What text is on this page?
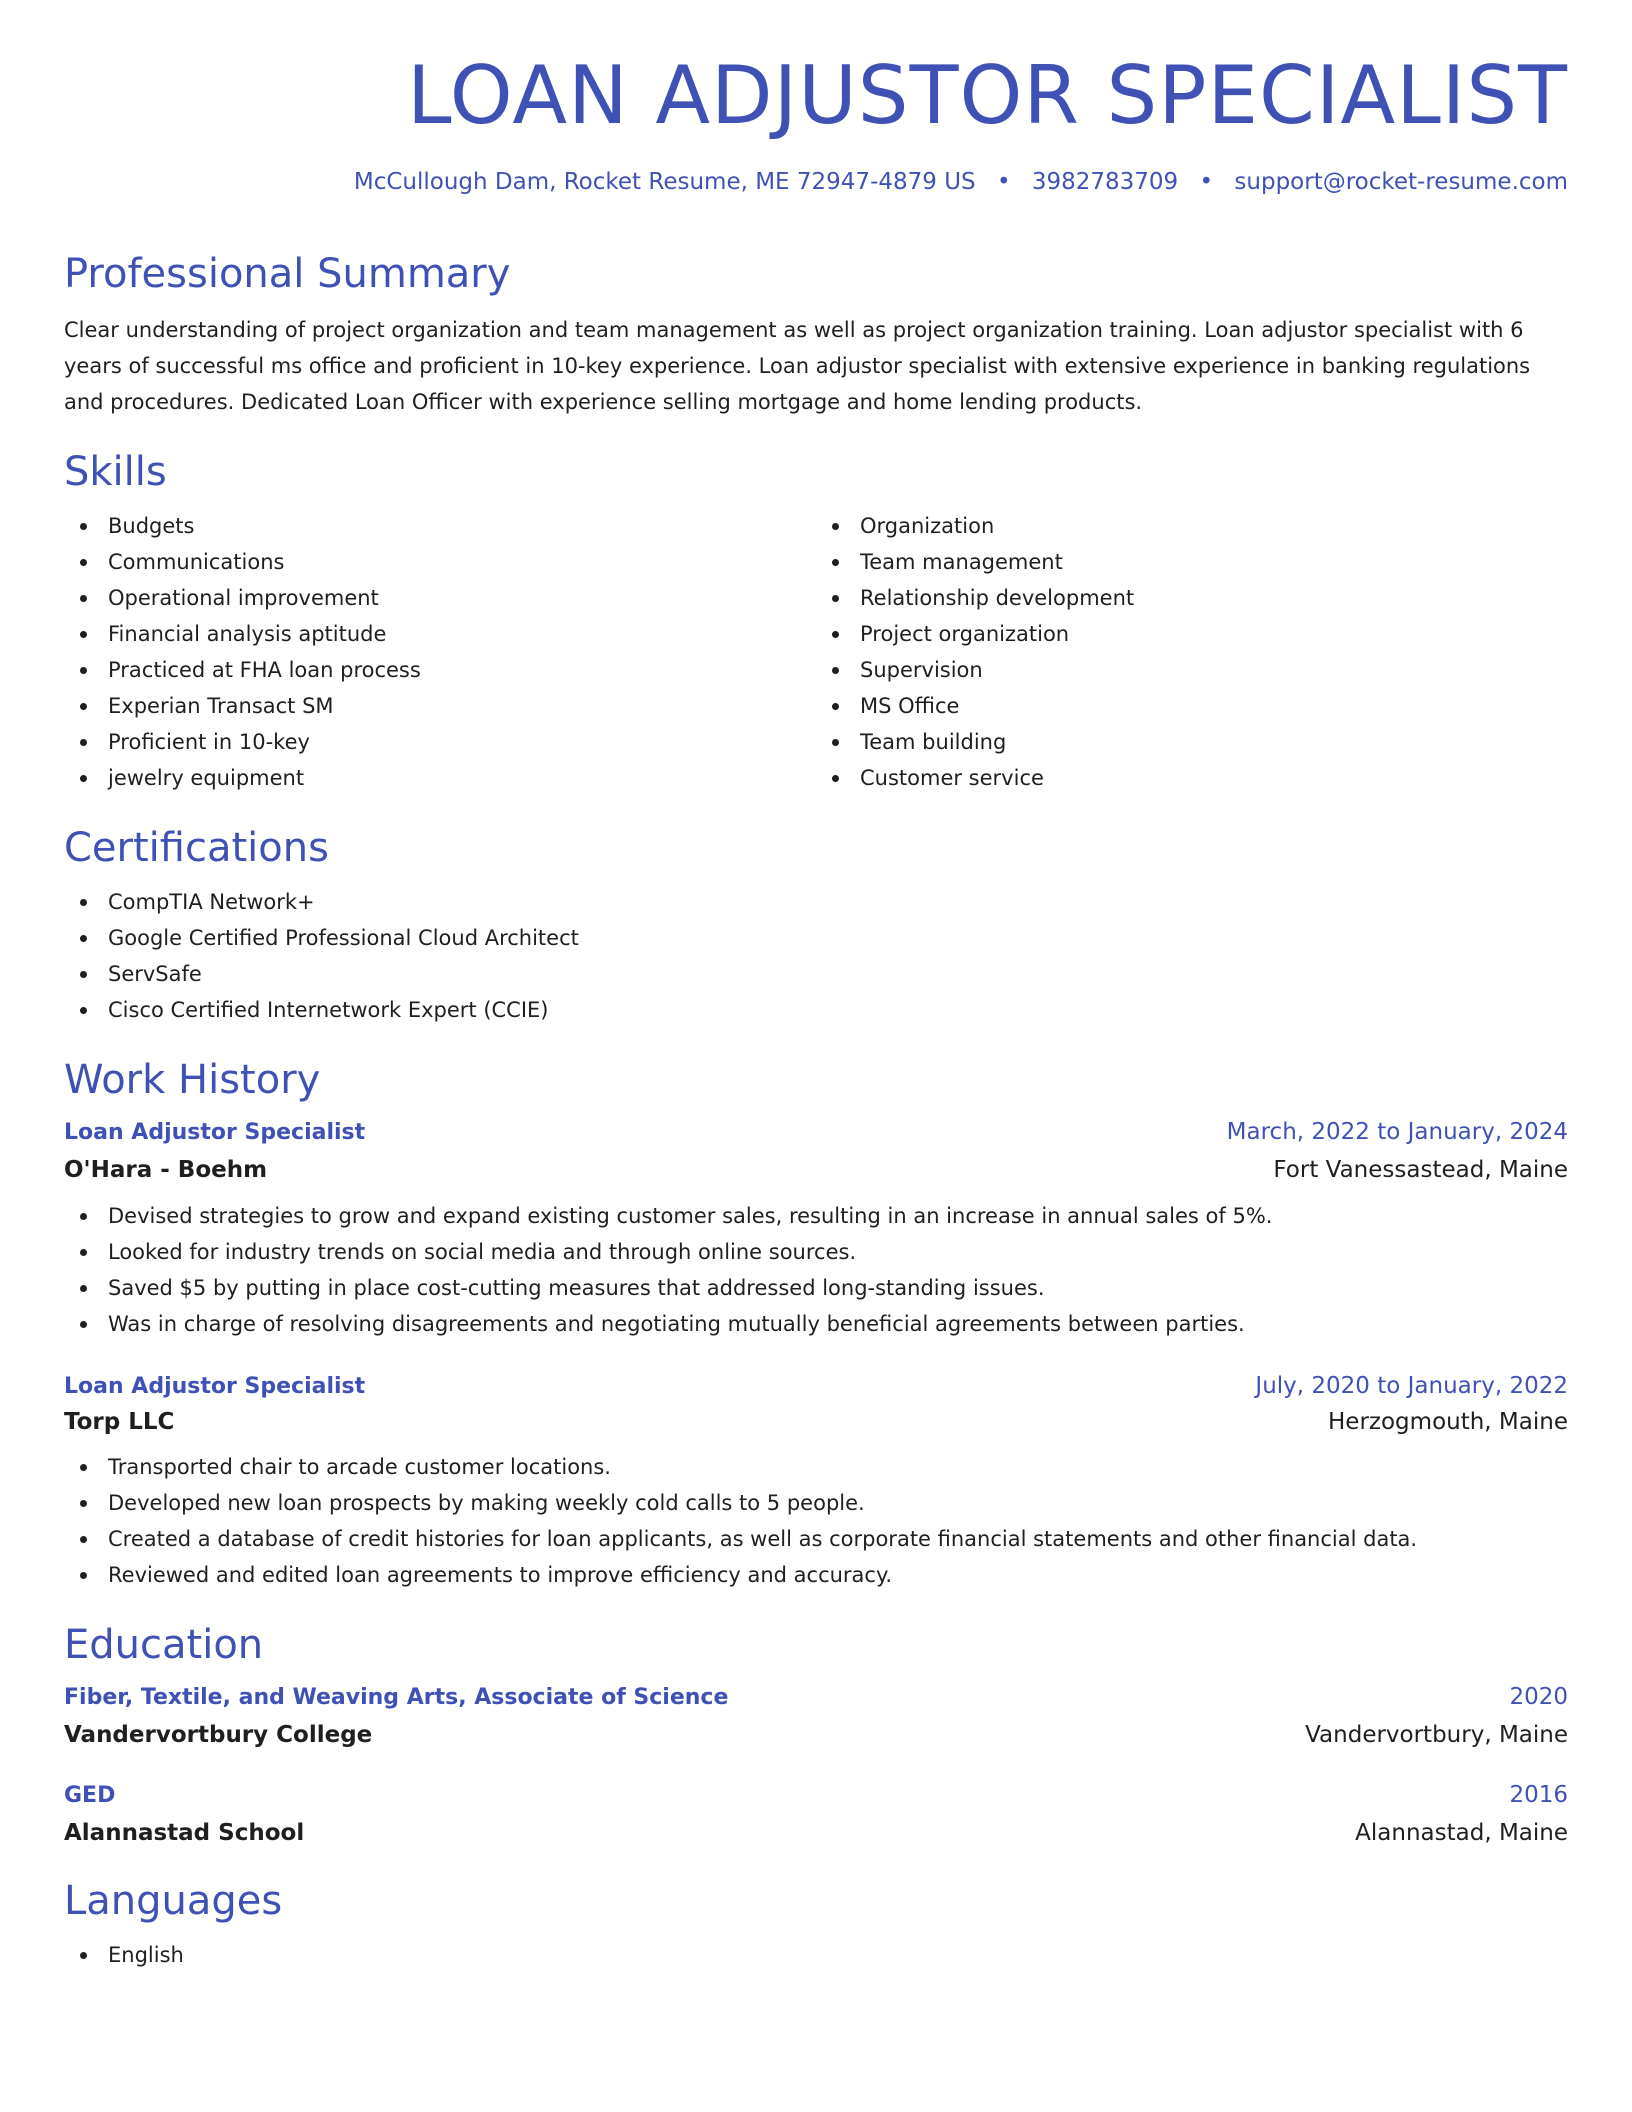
LOAN ADJUSTOR SPECIALIST
McCullough Dam, Rocket Resume, ME 72947-4879 US • 3982783709 • support@rocket-resume.com
Professional Summary
Clear understanding of project organization and team management as well as project organization training. Loan adjustor specialist with 6 years of successful ms office and proficient in 10-key experience. Loan adjustor specialist with extensive experience in banking regulations and procedures. Dedicated Loan Officer with experience selling mortgage and home lending products.
Skills
Budgets
Communications
Operational improvement
Financial analysis aptitude
Practiced at FHA loan process
Experian Transact SM
Proficient in 10-key
jewelry equipment
Organization
Team management
Relationship development
Project organization
Supervision
MS Office
Team building
Customer service
Certifications
CompTIA Network+
Google Certified Professional Cloud Architect
ServSafe
Cisco Certified Internetwork Expert (CCIE)
Work History
Loan Adjustor Specialist	March, 2022 to January, 2024
O'Hara - Boehm	Fort Vanessastead, Maine
Devised strategies to grow and expand existing customer sales, resulting in an increase in annual sales of 5%.
Looked for industry trends on social media and through online sources.
Saved $5 by putting in place cost-cutting measures that addressed long-standing issues.
Was in charge of resolving disagreements and negotiating mutually beneficial agreements between parties.
Loan Adjustor Specialist	July, 2020 to January, 2022
Torp LLC	Herzogmouth, Maine
Transported chair to arcade customer locations.
Developed new loan prospects by making weekly cold calls to 5 people.
Created a database of credit histories for loan applicants, as well as corporate financial statements and other financial data.
Reviewed and edited loan agreements to improve efficiency and accuracy.
Education
Fiber, Textile, and Weaving Arts, Associate of Science	2020
Vandervortbury College	Vandervortbury, Maine
GED	2016
Alannastad School	Alannastad, Maine
Languages
English
